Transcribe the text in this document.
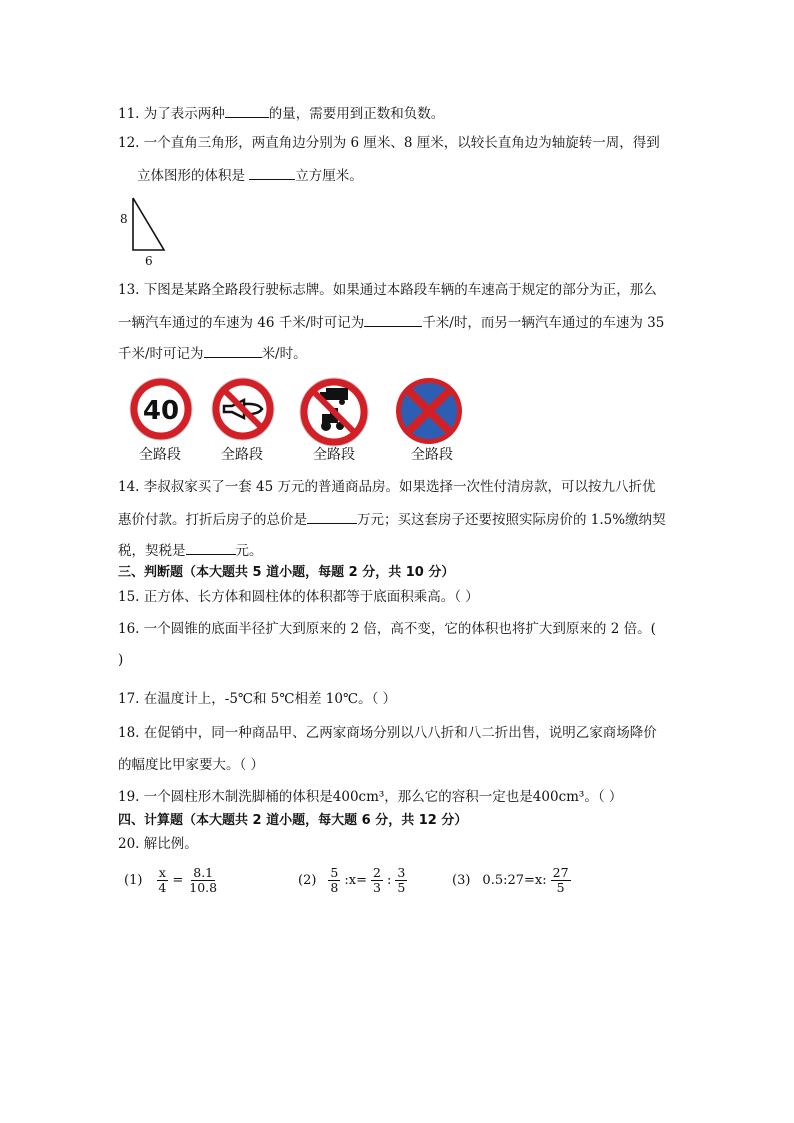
11. 为了表示两种	的量，需要用到正数和负数。
12. 一个直角三角形，两直角边分别为 6 厘米、8 厘米，以较长直角边为轴旋转一周，得到
立体图形的体积是	立方厘米。
8
6
13. 下图是某路全路段行驶标志牌。如果通过本路段车辆的车速高于规定的部分为正，那么
一辆汽车通过的车速为 46 千米/时可记为	千米/时，而另一辆汽车通过的车速为 35
千米/时可记为	米/时。
40
全路段	全路段	全路段	全路段
14. 李叔叔家买了一套 45 万元的普通商品房。如果选择一次性付清房款，可以按九八折优
惠价付款。打折后房子的总价是	万元；买这套房子还要按照实际房价的 1.5%缴纳契
税，契税是	元。
三、判断题（本大题共 5 道小题，每题 2 分，共 10 分）
15. 正方体、长方体和圆柱体的体积都等于底面积乘高。（ ）
16. 一个圆锥的底面半径扩大到原来的 2 倍，高不变，它的体积也将扩大到原来的 2 倍。(
)
17. 在温度计上，-5℃和 5℃相差 10℃。（ ）
18. 在促销中，同一种商品甲、乙两家商场分别以八八折和八二折出售，说明乙家商场降价
的幅度比甲家要大。（ ）
19. 一个圆柱形木制洗脚桶的体积是400cm³，那么它的容积一定也是400cm³。（ ）
四、计算题（本大题共 2 道小题，每大题 6 分，共 12 分）
20. 解比例。
$(1) \frac{x}{4} = \frac{8.1}{10.8}$	$(2) \frac{5}{8}$ :x= $\frac{2}{3}$ : $\frac{3}{5}$	(3) 0.5:27=x: $\frac{27}{5}$
